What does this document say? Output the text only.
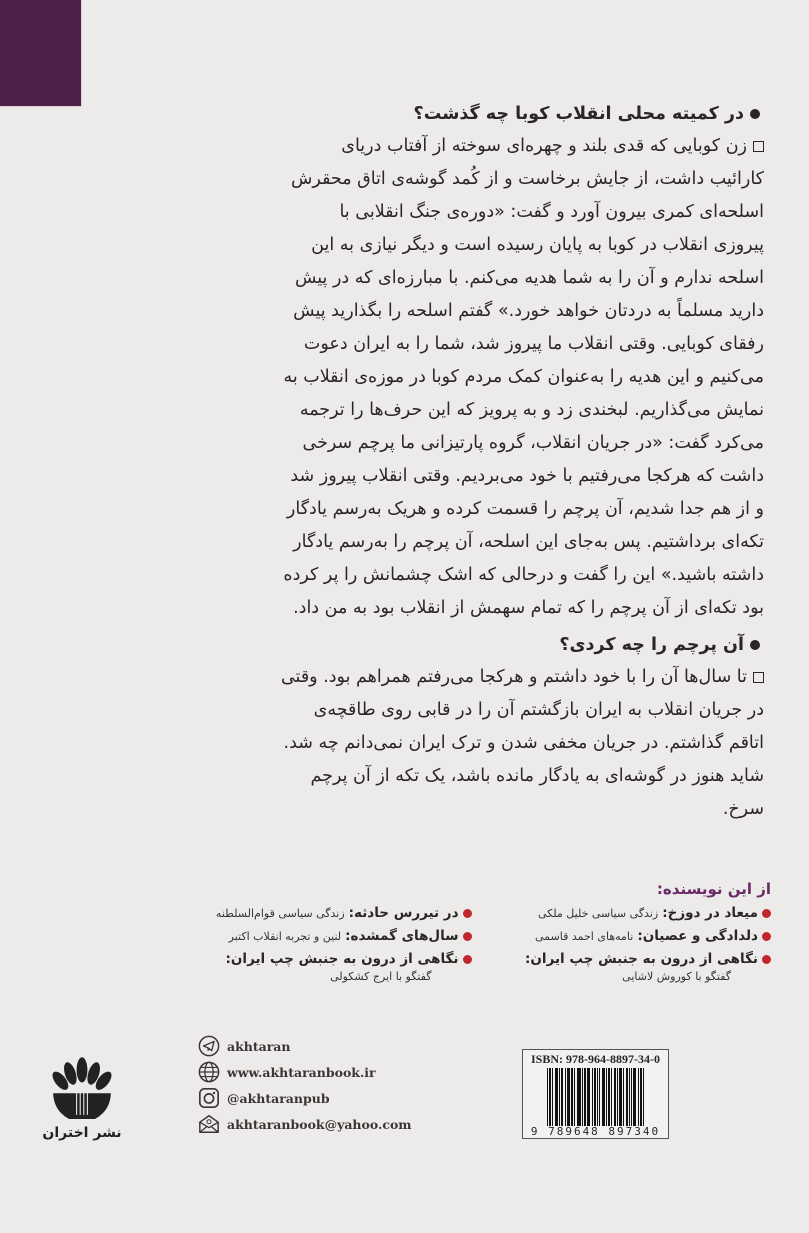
در کمیته محلی انقلاب کوبا چه گذشت؟

زن کوبایی که قدی بلند و چهره‌ای سوخته از آفتاب دریای

کارائیب داشت، از جایش برخاست و از کُمد گوشه‌ی اتاق محقرش

اسلحه‌ای کمری بیرون آورد و گفت: «دوره‌ی جنگ انقلابی با

پیروزی انقلاب در کوبا به پایان رسیده است و دیگر نیازی به این

اسلحه ندارم و آن را به شما هدیه می‌کنم. با مبارزه‌ای که در پیش

دارید مسلماً به دردتان خواهد خورد.» گفتم اسلحه را بگذارید پیش

رفقای کوبایی. وقتی انقلاب ما پیروز شد، شما را به ایران دعوت

می‌کنیم و این هدیه را به‌عنوان کمک مردم کوبا در موزه‌ی انقلاب به

نمایش می‌گذاریم. لبخندی زد و به پرویز که این حرف‌ها را ترجمه

می‌کرد گفت: «در جریان انقلاب، گروه پارتیزانی ما پرچم سرخی

داشت که هرکجا می‌رفتیم با خود می‌بردیم. وقتی انقلاب پیروز شد

و از هم جدا شدیم، آن پرچم را قسمت کرده و هریک به‌رسم یادگار

تکه‌ای برداشتیم. پس به‌جای این اسلحه، آن پرچم را به‌رسم یادگار

داشته باشید.» این را گفت و درحالی که اشک چشمانش را پر کرده

بود تکه‌ای از آن پرچم را که تمام سهمش از انقلاب بود به من داد.

آن پرچم را چه کردی؟

تا سال‌ها آن را با خود داشتم و هرکجا می‌رفتم همراهم بود. وقتی

در جریان انقلاب به ایران بازگشتم آن را در قابی روی طاقچه‌ی

اتاقم گذاشتم. در جریان مخفی شدن و ترک ایران نمی‌دانم چه شد.

شاید هنوز در گوشه‌ای به یادگار مانده باشد، یک تکه از آن پرچم

سرخ.

از این نویسنده:

میعاد در دوزخ: زندگی سیاسی خلیل ملکی
در تیررس حادثه: زندگی سیاسی قوام‌السلطنه
دلدادگی و عصیان: نامه‌های احمد قاسمی
سال‌های گمشده: لنین و تجربه انقلاب اکتبر
نگاهی از درون به جنبش چپ ایران:
گفتگو با کوروش لاشایی
نگاهی از درون به جنبش چپ ایران:
گفتگو با ایرج کشکولی
akhtaran
www.akhtaranbook.ir
@akhtaranpub
akhtaranbook@yahoo.com
ISBN: 978-964-8897-34-0
9 789648 897340
نشر اختران
